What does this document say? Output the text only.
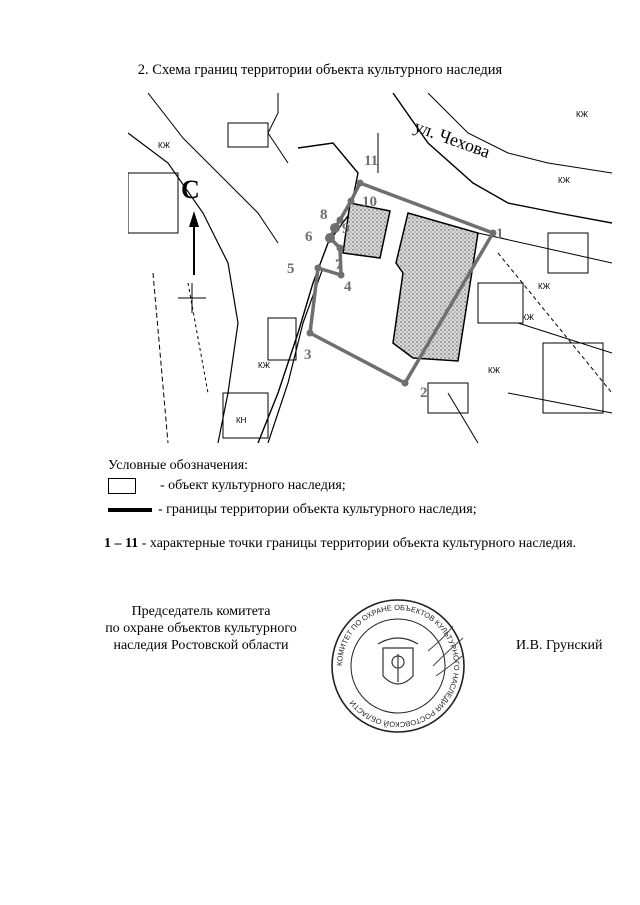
2. Схема границ территории объекта культурного наследия
1
2
3
4
5
6
7
8
9
10
11 ул. Чехова
КЖ
КЖ
КН
КЖ
КЖ
КЖ
КЖ
КЖ
С
Условные обозначения:
- объект культурного наследия;
- границы территории объекта культурного наследия;
1 – 11 - характерные точки границы территории объекта культурного наследия.
Председатель комитета
по охране объектов культурного
наследия Ростовской области
КОМИТЕТ ПО ОХРАНЕ ОБЪЕКТОВ КУЛЬТУРНОГО НАСЛЕДИЯ РОСТОВСКОЙ ОБЛАСТИ
И.В. Грунский
